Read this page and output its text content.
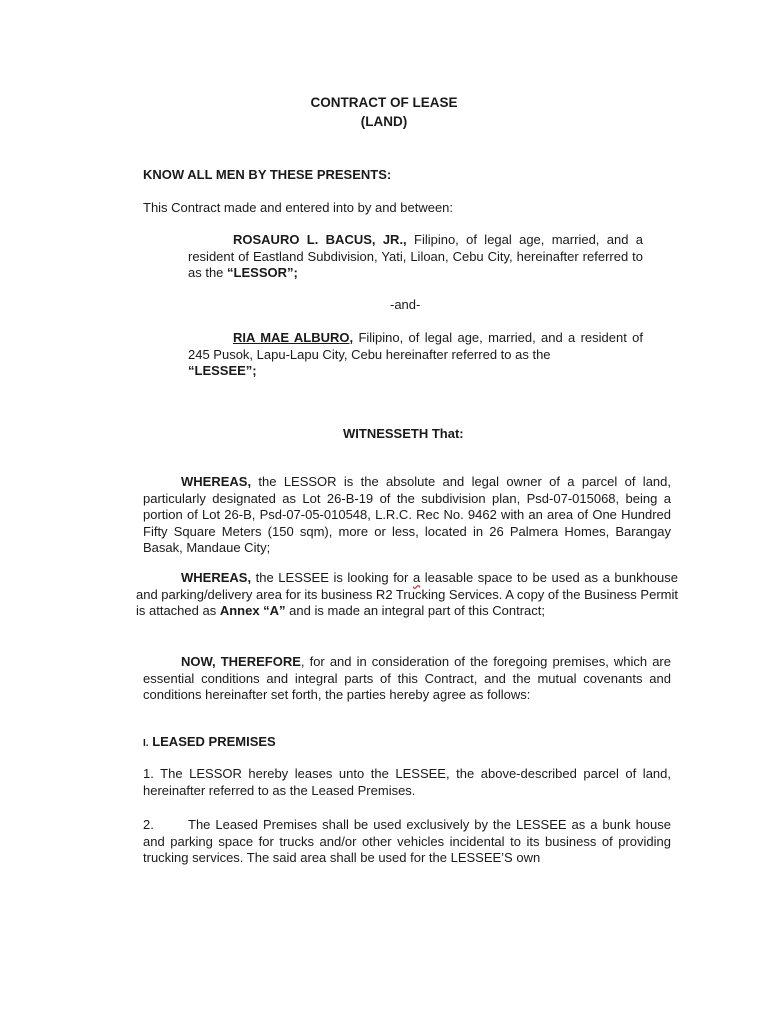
CONTRACT OF LEASE
(LAND)
KNOW ALL MEN BY THESE PRESENTS:
This Contract made and entered into by and between:
ROSAURO L. BACUS, JR., Filipino, of legal age, married, and a resident of Eastland Subdivision, Yati, Liloan, Cebu City, hereinafter referred to as the “LESSOR”;
-and-
RIA MAE ALBURO, Filipino, of legal age, married, and a resident of 245 Pusok, Lapu-Lapu City, Cebu hereinafter referred to as the
“LESSEE”;
WITNESSETH That:
WHEREAS, the LESSOR is the absolute and legal owner of a parcel of land, particularly designated as Lot 26-B-19 of the subdivision plan, Psd-07-015068, being a portion of Lot 26-B, Psd-07-05-010548, L.R.C. Rec No. 9462 with an area of One Hundred Fifty Square Meters (150 sqm), more or less, located in 26 Palmera Homes, Barangay Basak, Mandaue City;
WHEREAS, the LESSEE is looking for a leasable space to be used as a bunkhouse and parking/delivery area for its business R2 Trucking Services. A copy of the Business Permit is attached as Annex “A” and is made an integral part of this Contract;
NOW, THEREFORE, for and in consideration of the foregoing premises, which are essential conditions and integral parts of this Contract, and the mutual covenants and conditions hereinafter set forth, the parties hereby agree as follows:
I. LEASED PREMISES
1. The LESSOR hereby leases unto the LESSEE, the above-described parcel of land, hereinafter referred to as the Leased Premises.
2.	The Leased Premises shall be used exclusively by the LESSEE as a bunk house and parking space for trucks and/or other vehicles incidental to its business of providing trucking services. The said area shall be used for the LESSEE’S own
